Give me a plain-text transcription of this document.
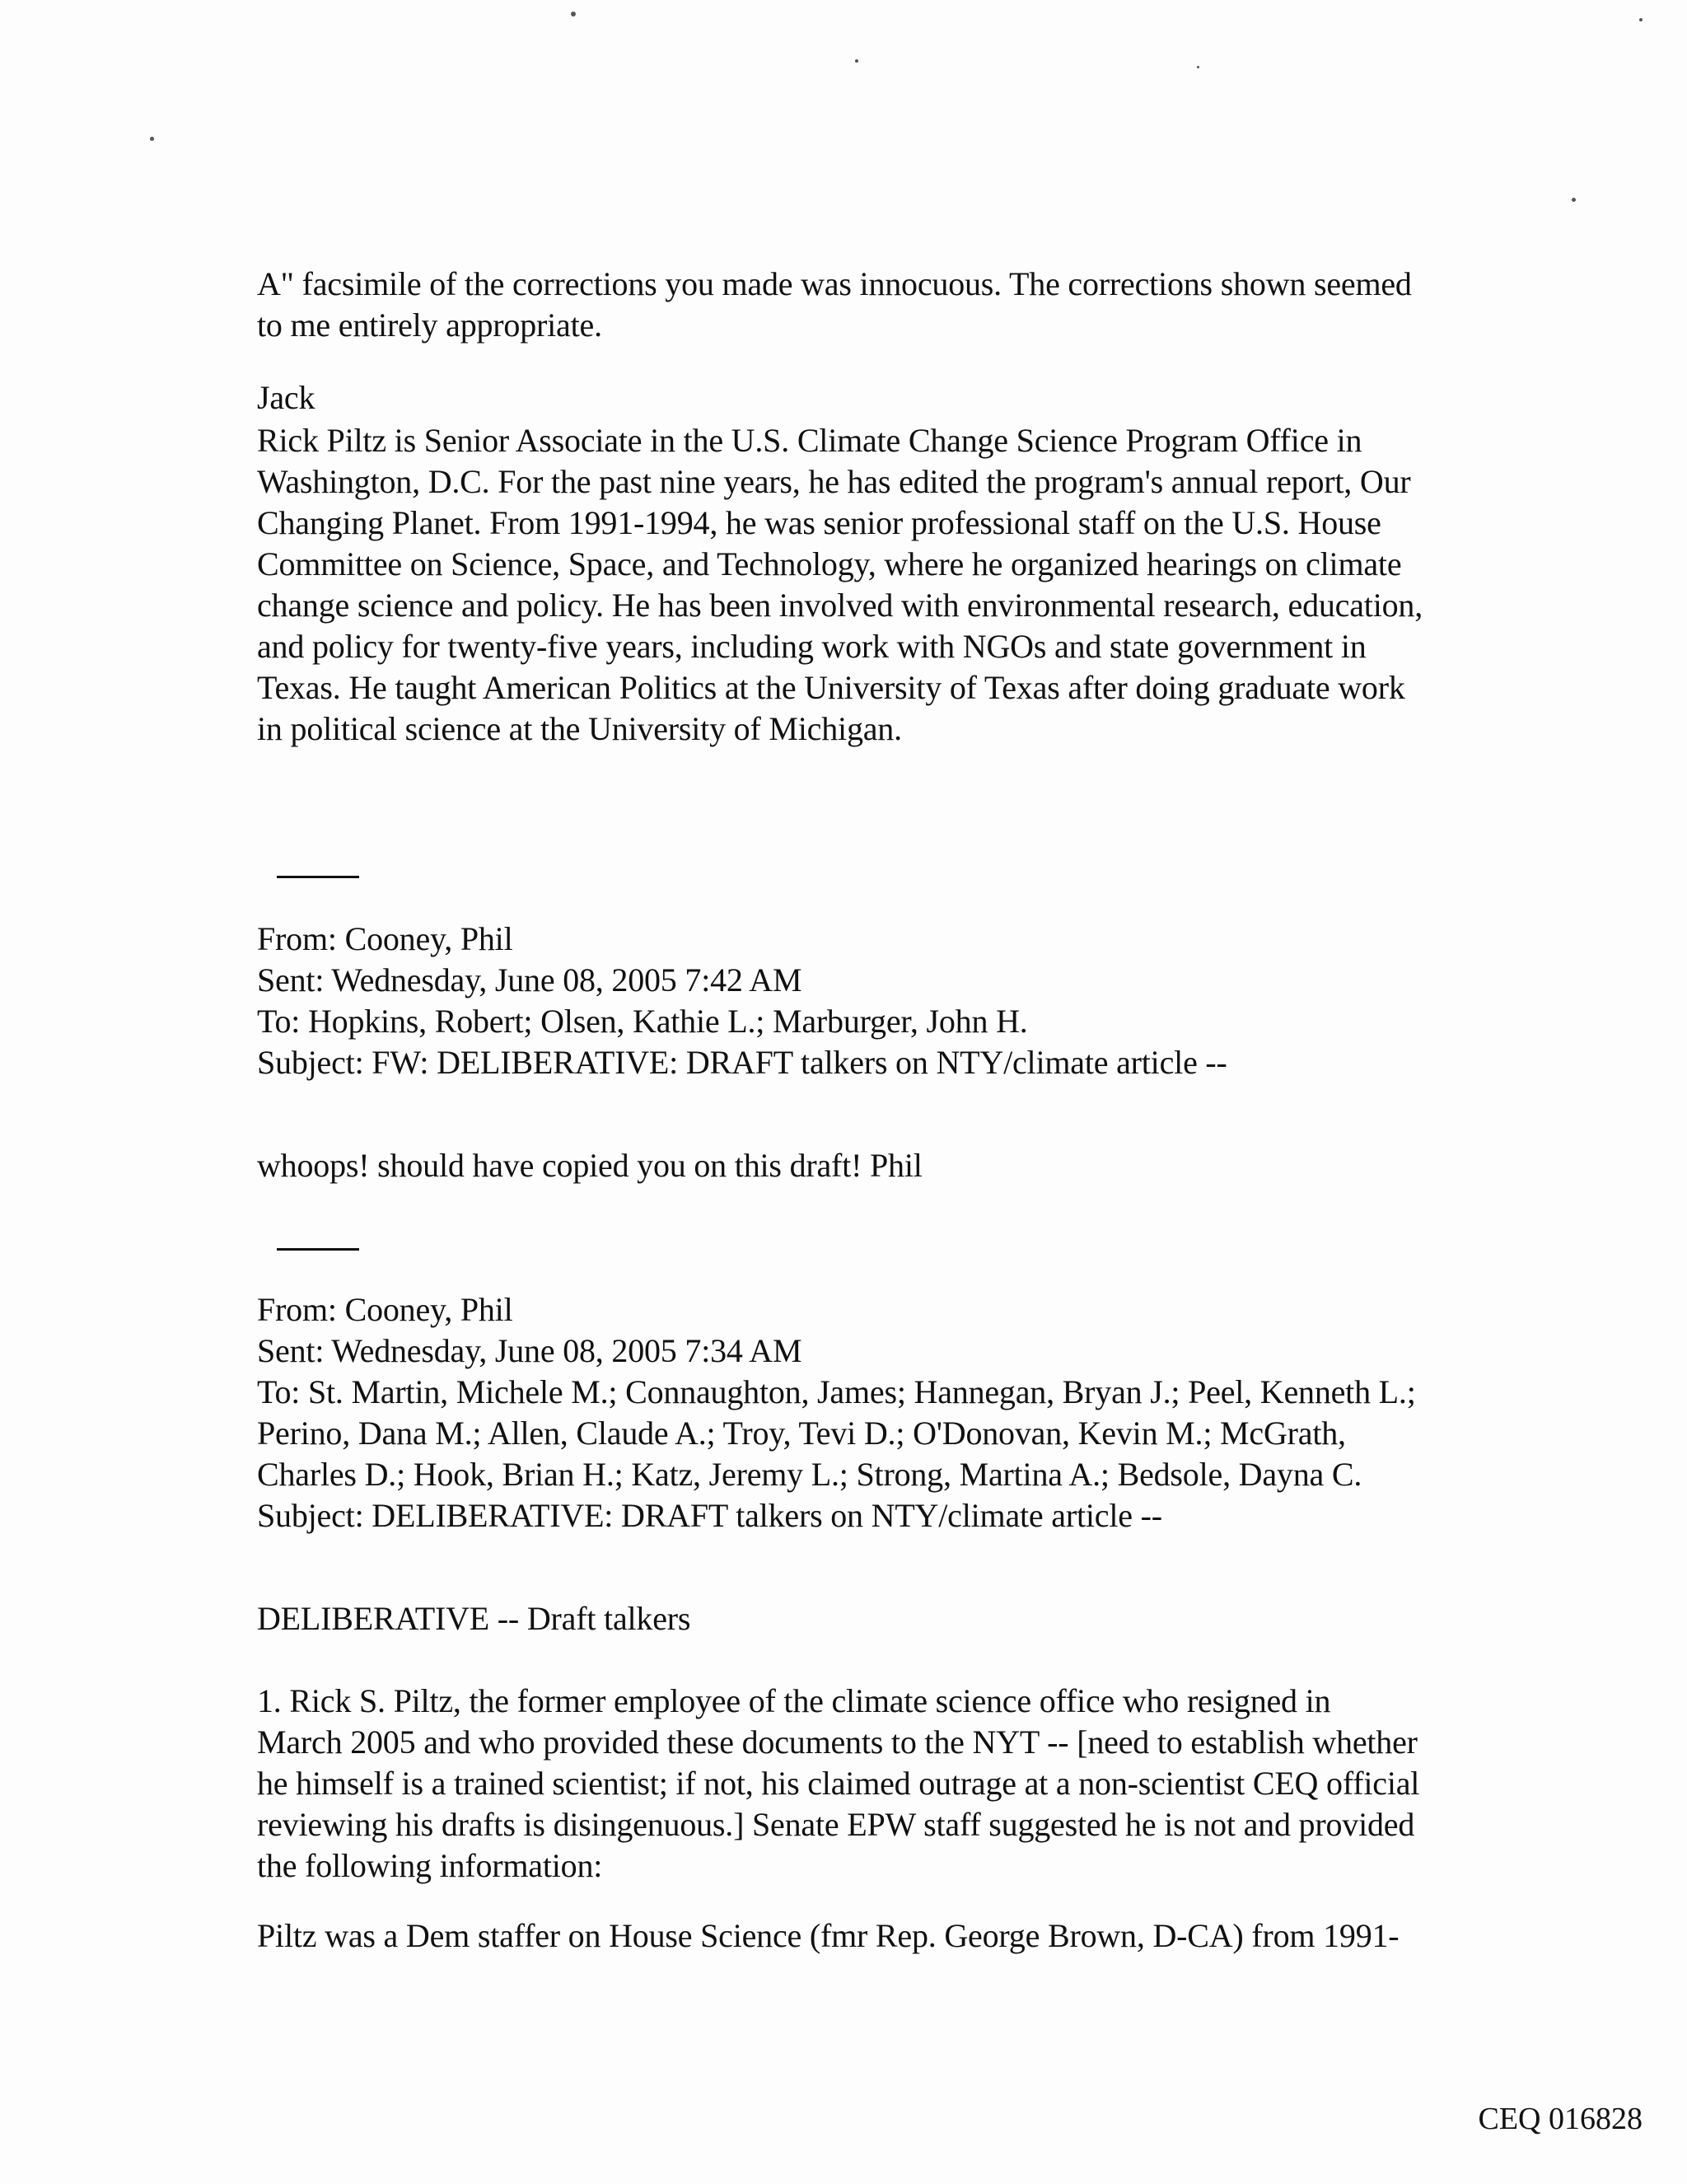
A" facsimile of the corrections you made was innocuous. The corrections shown seemed
to me entirely appropriate.
Jack
Rick Piltz is Senior Associate in the U.S. Climate Change Science Program Office in
Washington, D.C. For the past nine years, he has edited the program's annual report, Our
Changing Planet. From 1991-1994, he was senior professional staff on the U.S. House
Committee on Science, Space, and Technology, where he organized hearings on climate
change science and policy. He has been involved with environmental research, education,
and policy for twenty-five years, including work with NGOs and state government in
Texas. He taught American Politics at the University of Texas after doing graduate work
in political science at the University of Michigan.
From: Cooney, Phil
Sent: Wednesday, June 08, 2005 7:42 AM
To: Hopkins, Robert; Olsen, Kathie L.; Marburger, John H.
Subject: FW: DELIBERATIVE: DRAFT talkers on NTY/climate article --
whoops! should have copied you on this draft! Phil
From: Cooney, Phil
Sent: Wednesday, June 08, 2005 7:34 AM
To: St. Martin, Michele M.; Connaughton, James; Hannegan, Bryan J.; Peel, Kenneth L.;
Perino, Dana M.; Allen, Claude A.; Troy, Tevi D.; O'Donovan, Kevin M.; McGrath,
Charles D.; Hook, Brian H.; Katz, Jeremy L.; Strong, Martina A.; Bedsole, Dayna C.
Subject: DELIBERATIVE: DRAFT talkers on NTY/climate article --
DELIBERATIVE -- Draft talkers
1. Rick S. Piltz, the former employee of the climate science office who resigned in
March 2005 and who provided these documents to the NYT -- [need to establish whether
he himself is a trained scientist; if not, his claimed outrage at a non-scientist CEQ official
reviewing his drafts is disingenuous.] Senate EPW staff suggested he is not and provided
the following information:
Piltz was a Dem staffer on House Science (fmr Rep. George Brown, D-CA) from 1991-
CEQ 016828
